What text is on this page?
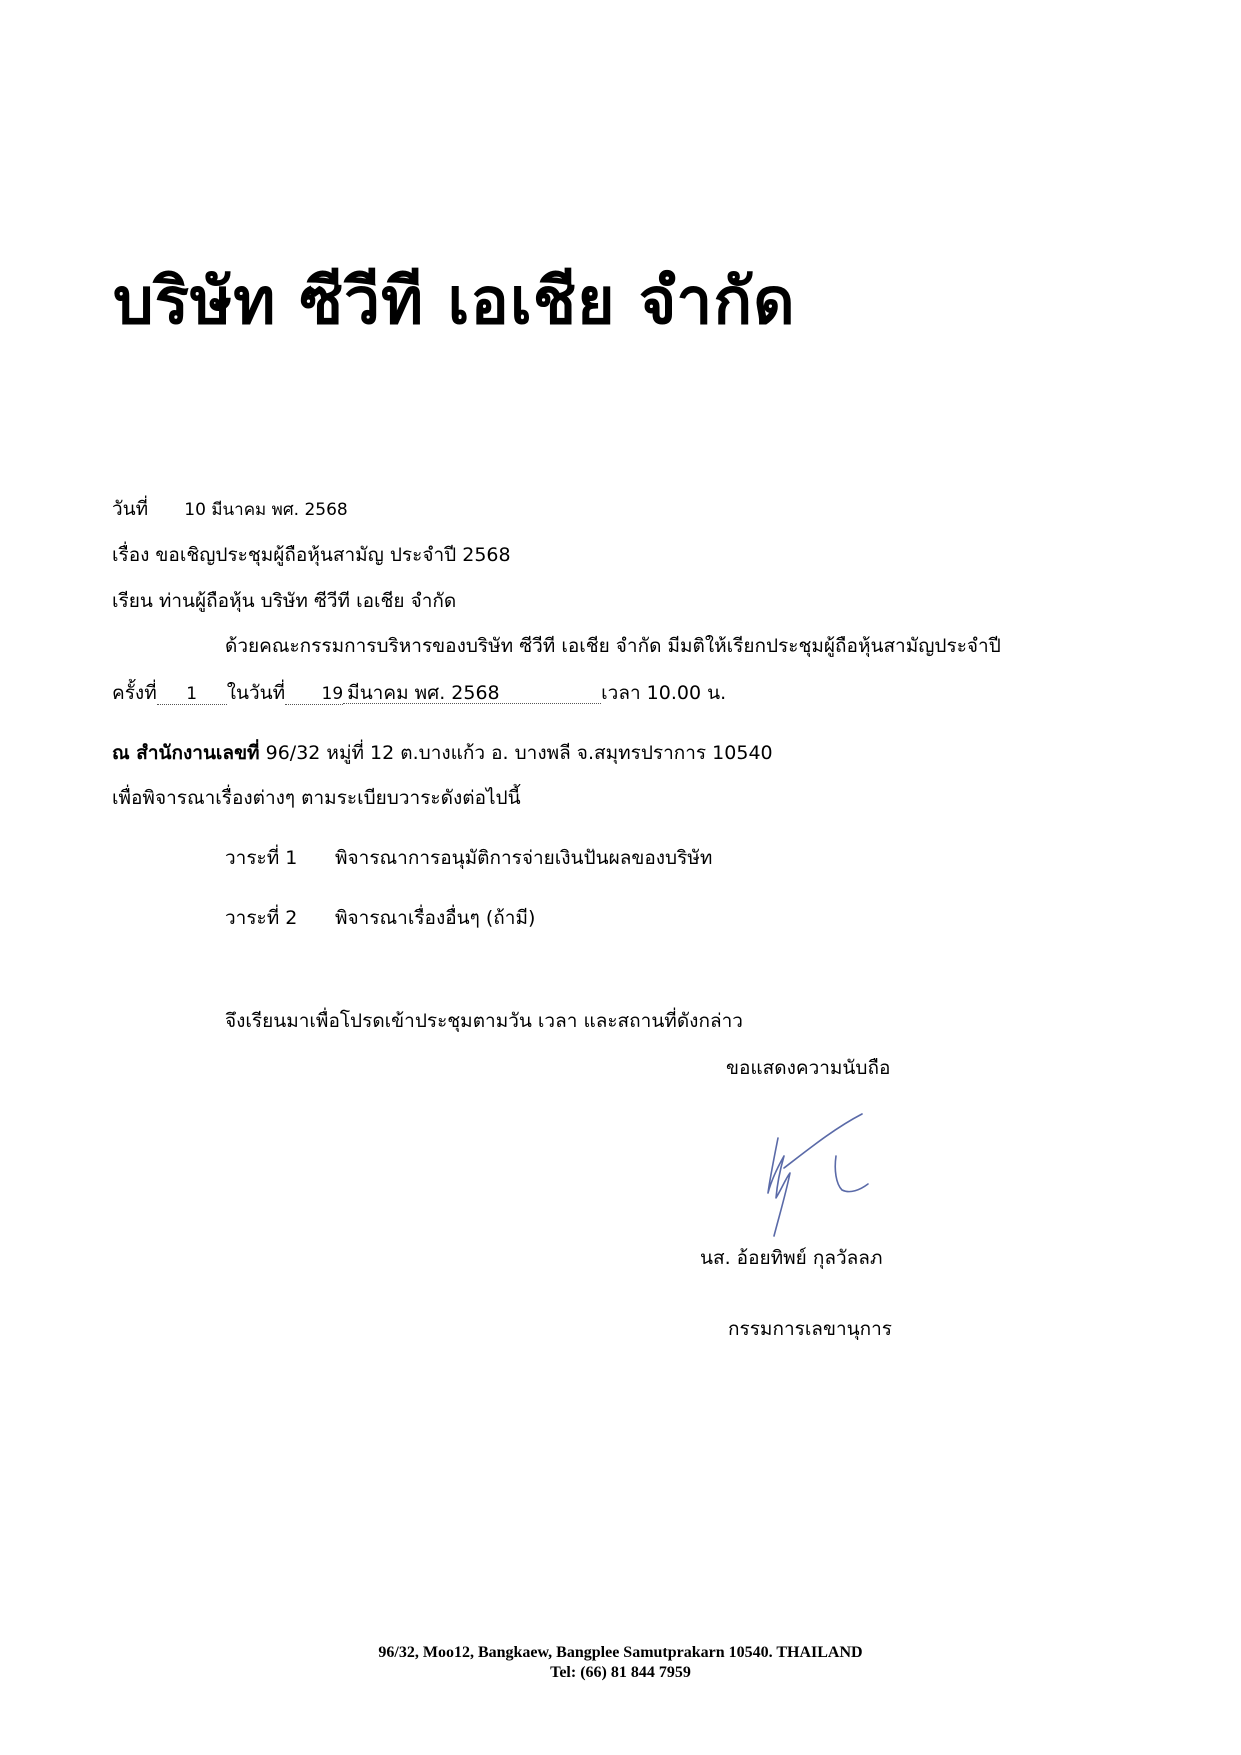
บริษัท ซีวีที เอเชีย จำกัด
วันที่ 10 มีนาคม พศ. 2568
เรื่อง ขอเชิญประชุมผู้ถือหุ้นสามัญ ประจำปี 2568
เรียน ท่านผู้ถือหุ้น บริษัท ซีวีที เอเชีย จำกัด
ด้วยคณะกรรมการบริหารของบริษัท ซีวีที เอเชีย จำกัด มีมติให้เรียกประชุมผู้ถือหุ้นสามัญประจำปี
ครั้งที่ 1 ในวันที่ 19 มีนาคม พศ. 2568	เวลา 10.00 น.
ณ สำนักงานเลขที่ 96/32 หมู่ที่ 12 ต.บางแก้ว อ. บางพลี จ.สมุทรปราการ 10540
เพื่อพิจารณาเรื่องต่างๆ ตามระเบียบวาระดังต่อไปนี้
วาระที่ 1 พิจารณาการอนุมัติการจ่ายเงินปันผลของบริษัท
วาระที่ 2 พิจารณาเรื่องอื่นๆ (ถ้ามี)
จึงเรียนมาเพื่อโปรดเข้าประชุมตามวัน เวลา และสถานที่ดังกล่าว
ขอแสดงความนับถือ
นส. อ้อยทิพย์ กุลวัลลภ
กรรมการเลขานุการ
96/32, Moo12, Bangkaew, Bangplee Samutprakarn 10540. THAILAND
Tel: (66) 81 844 7959
